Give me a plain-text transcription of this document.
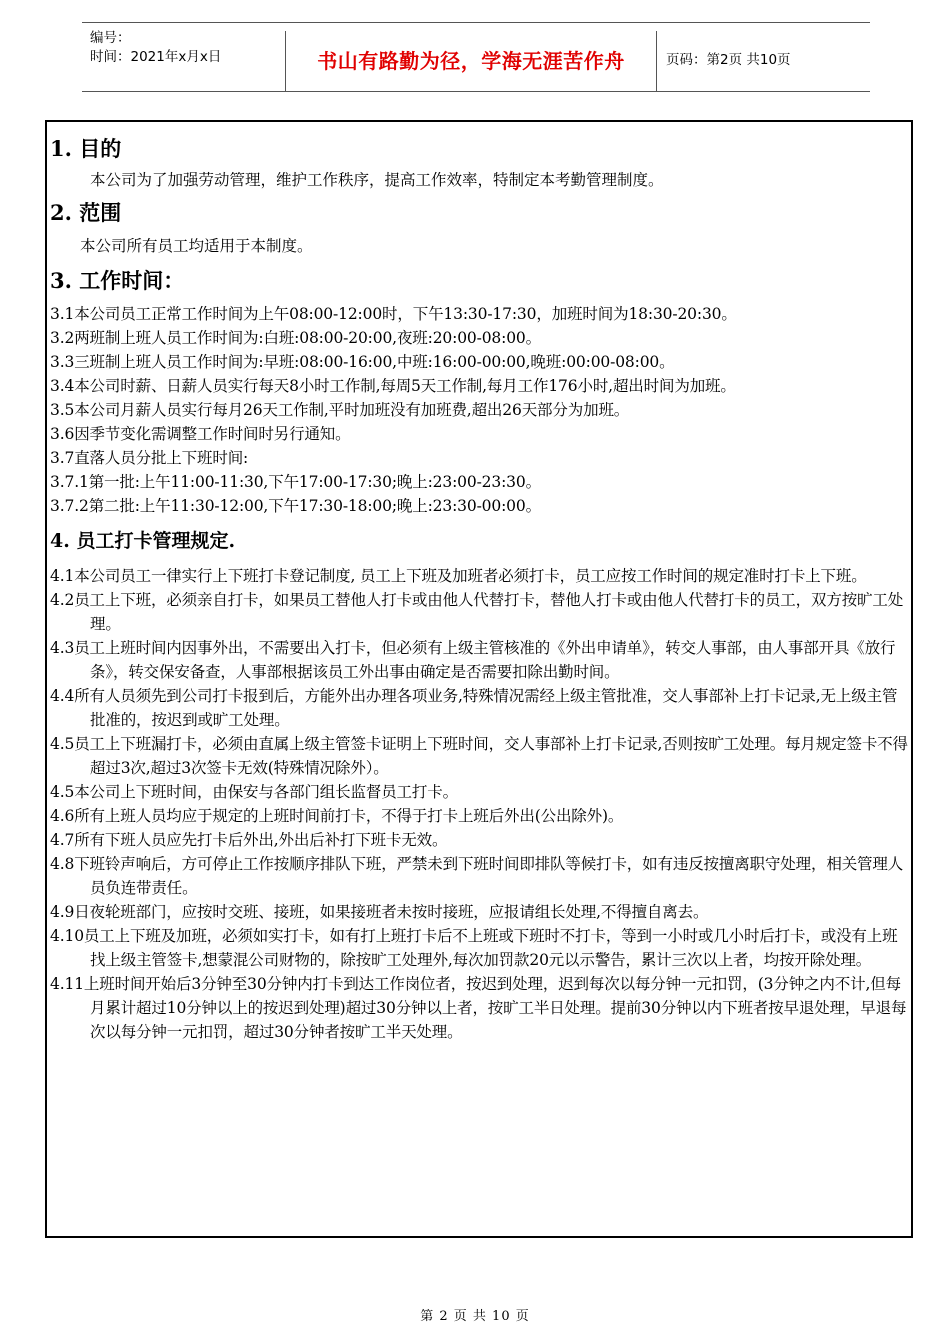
编号：
时间：2021年x月x日	书山有路勤为径，学海无涯苦作舟	页码：第2页 共10页

1. 目的

本公司为了加强劳动管理，维护工作秩序，提高工作效率，特制定本考勤管理制度。

2. 范围

本公司所有员工均适用于本制度。

3. 工作时间：

3.1本公司员工正常工作时间为上午08:00-12:00时，下午13:30-17:30，加班时间为18:30-20:30。

3.2两班制上班人员工作时间为:白班:08:00-20:00,夜班:20:00-08:00。

3.3三班制上班人员工作时间为:早班:08:00-16:00,中班:16:00-00:00,晚班:00:00-08:00。

3.4本公司时薪、日薪人员实行每天8小时工作制,每周5天工作制,每月工作176小时,超出时间为加班。

3.5本公司月薪人员实行每月26天工作制,平时加班没有加班费,超出26天部分为加班。

3.6因季节变化需调整工作时间时另行通知。

3.7直落人员分批上下班时间:

3.7.1第一批:上午11:00-11:30,下午17:00-17:30;晚上:23:00-23:30。

3.7.2第二批:上午11:30-12:00,下午17:30-18:00;晚上:23:30-00:00。

4. 员工打卡管理规定.

4.1本公司员工一律实行上下班打卡登记制度, 员工上下班及加班者必须打卡，员工应按工作时间的规定准时打卡上下班。

4.2员工上下班，必须亲自打卡，如果员工替他人打卡或由他人代替打卡，替他人打卡或由他人代替打卡的员工，双方按旷工处理。

4.3员工上班时间内因事外出，不需要出入打卡，但必须有上级主管核准的《外出申请单》，转交人事部，由人事部开具《放行条》，转交保安备查，人事部根据该员工外出事由确定是否需要扣除出勤时间。

4.4所有人员须先到公司打卡报到后，方能外出办理各项业务,特殊情况需经上级主管批准，交人事部补上打卡记录,无上级主管批准的，按迟到或旷工处理。

4.5员工上下班漏打卡，必须由直属上级主管签卡证明上下班时间，交人事部补上打卡记录,否则按旷工处理。每月规定签卡不得超过3次,超过3次签卡无效(特殊情况除外）。

4.5本公司上下班时间，由保安与各部门组长监督员工打卡。

4.6所有上班人员均应于规定的上班时间前打卡，不得于打卡上班后外出(公出除外)。

4.7所有下班人员应先打卡后外出,外出后补打下班卡无效。

4.8下班铃声响后，方可停止工作按顺序排队下班，严禁未到下班时间即排队等候打卡，如有违反按擅离职守处理，相关管理人员负连带责任。

4.9日夜轮班部门，应按时交班、接班，如果接班者未按时接班，应报请组长处理,不得擅自离去。

4.10员工上下班及加班，必须如实打卡，如有打上班打卡后不上班或下班时不打卡，等到一小时或几小时后打卡，或没有上班找上级主管签卡,想蒙混公司财物的，除按旷工处理外,每次加罚款20元以示警告，累计三次以上者，均按开除处理。

4.11上班时间开始后3分钟至30分钟内打卡到达工作岗位者，按迟到处理，迟到每次以每分钟一元扣罚，(3分钟之内不计,但每月累计超过10分钟以上的按迟到处理)超过30分钟以上者，按旷工半日处理。提前30分钟以内下班者按早退处理，早退每次以每分钟一元扣罚，超过30分钟者按旷工半天处理。

第 2 页 共 10 页
